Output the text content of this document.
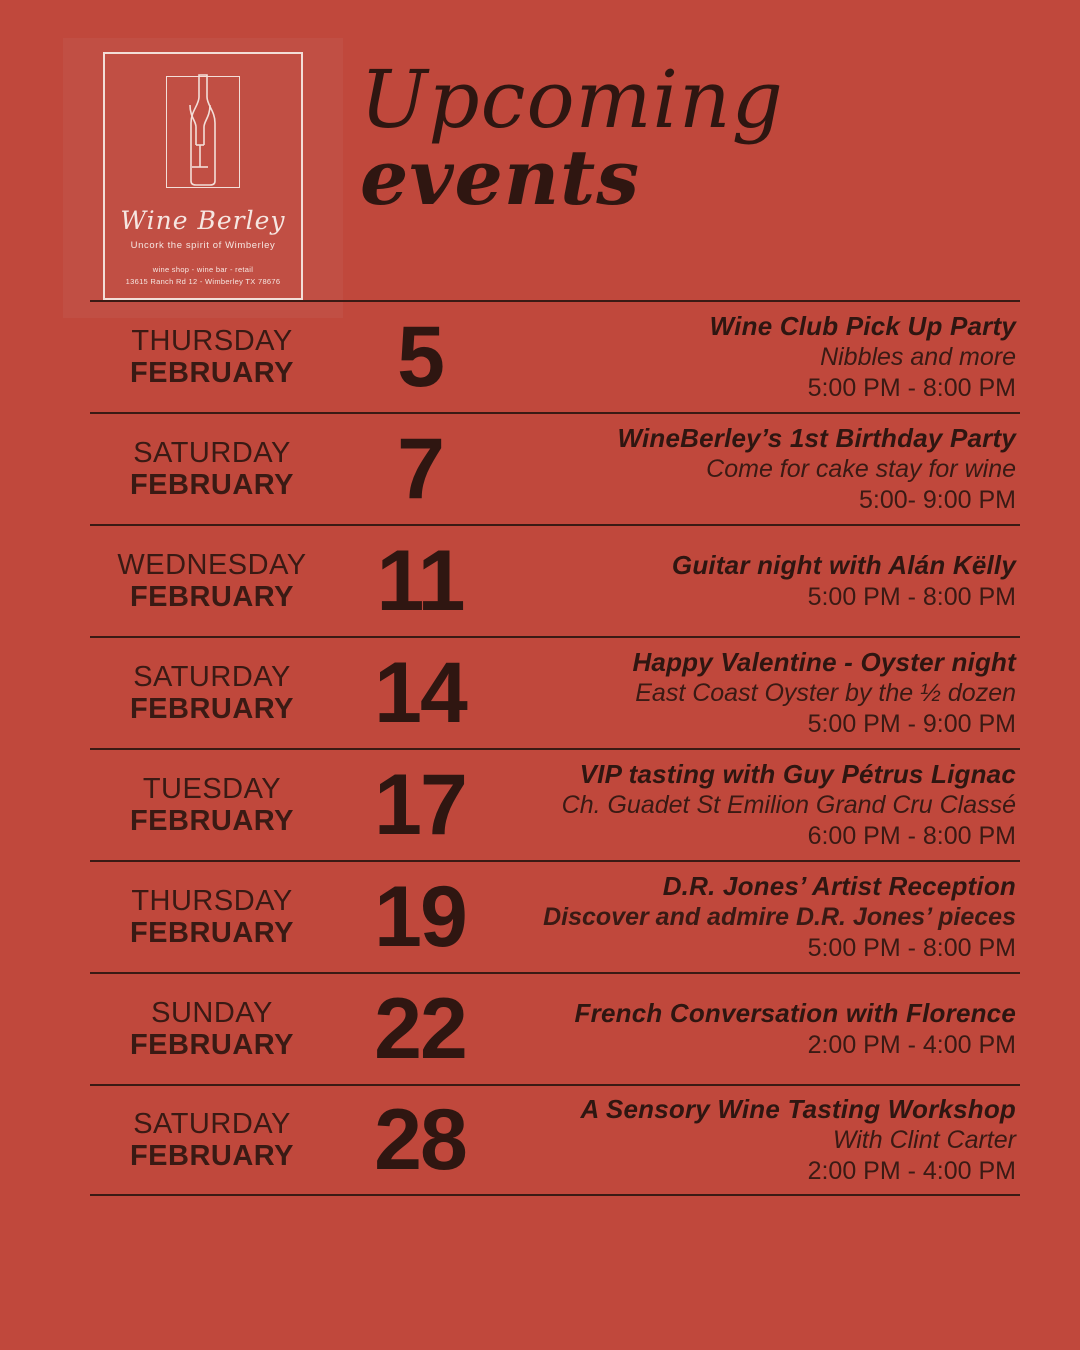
Wine Berley
Uncork the spirit of Wimberley
wine shop - wine bar - retail
13615 Ranch Rd 12 - Wimberley TX 78676
Upcoming
events
THURSDAY
FEBRUARY	5	Wine Club Pick Up Party
Nibbles and more
5:00 PM - 8:00 PM
SATURDAY
FEBRUARY	7	WineBerley’s 1st Birthday Party
Come for cake stay for wine
5:00- 9:00 PM
WEDNESDAY
FEBRUARY 11	Guitar night with Alán Këlly
5:00 PM - 8:00 PM
SATURDAY
FEBRUARY 14	Happy Valentine - Oyster night
East Coast Oyster by the ½ dozen
5:00 PM - 9:00 PM
TUESDAY
FEBRUARY 17	VIP tasting with Guy Pétrus Lignac
Ch. Guadet St Emilion Grand Cru Classé
6:00 PM - 8:00 PM
THURSDAY
FEBRUARY 19	D.R. Jones’ Artist Reception
Discover and admire D.R. Jones’ pieces
5:00 PM - 8:00 PM
SUNDAY
FEBRUARY 22	French Conversation with Florence
2:00 PM - 4:00 PM
SATURDAY
FEBRUARY 28	A Sensory Wine Tasting Workshop
With Clint Carter
2:00 PM - 4:00 PM
